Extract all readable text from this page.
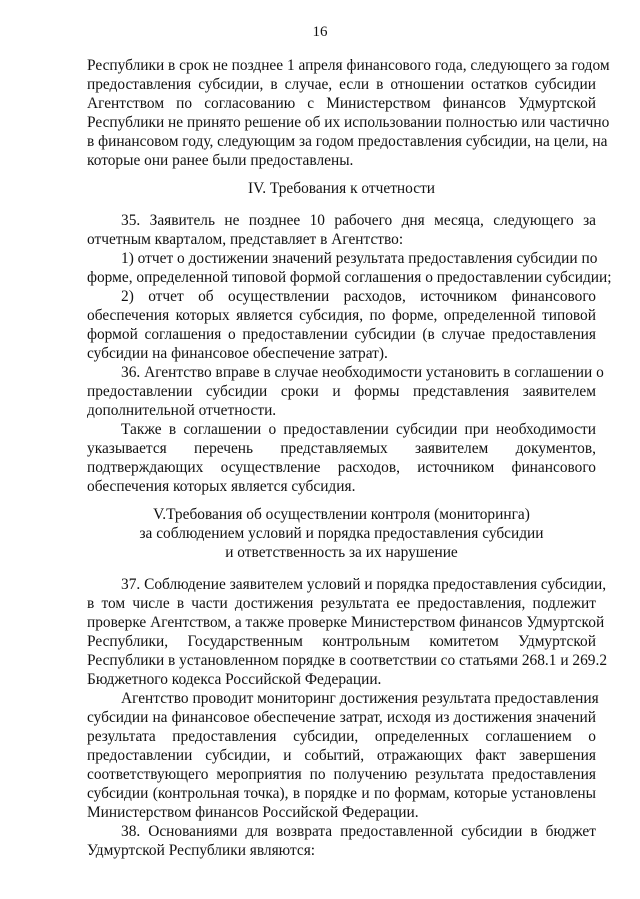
16
Республики в срок не позднее 1 апреля финансового года, следующего за годом
предоставления субсидии, в случае, если в отношении остатков субсидии
Агентством по согласованию с Министерством финансов Удмуртской
Республики не принято решение об их использовании полностью или частично
в финансовом году, следующим за годом предоставления субсидии, на цели, на
которые они ранее были предоставлены.
IV. Требования к отчетности
35. Заявитель не позднее 10 рабочего дня месяца, следующего за
отчетным кварталом, представляет в Агентство:
1) отчет о достижении значений результата предоставления субсидии по
форме, определенной типовой формой соглашения о предоставлении субсидии;
2) отчет об осуществлении расходов, источником финансового
обеспечения которых является субсидия, по форме, определенной типовой
формой соглашения о предоставлении субсидии (в случае предоставления
субсидии на финансовое обеспечение затрат).
36. Агентство вправе в случае необходимости установить в соглашении о
предоставлении субсидии сроки и формы представления заявителем
дополнительной отчетности.
Также в соглашении о предоставлении субсидии при необходимости
указывается перечень представляемых заявителем документов,
подтверждающих осуществление расходов, источником финансового
обеспечения которых является субсидия.
V.Требования об осуществлении контроля (мониторинга)
за соблюдением условий и порядка предоставления субсидии
и ответственность за их нарушение
37. Соблюдение заявителем условий и порядка предоставления субсидии,
в том числе в части достижения результата ее предоставления, подлежит
проверке Агентством, а также проверке Министерством финансов Удмуртской
Республики, Государственным контрольным комитетом Удмуртской
Республики в установленном порядке в соответствии со статьями 268.1 и 269.2
Бюджетного кодекса Российской Федерации.
Агентство проводит мониторинг достижения результата предоставления
субсидии на финансовое обеспечение затрат, исходя из достижения значений
результата предоставления субсидии, определенных соглашением о
предоставлении субсидии, и событий, отражающих факт завершения
соответствующего мероприятия по получению результата предоставления
субсидии (контрольная точка), в порядке и по формам, которые установлены
Министерством финансов Российской Федерации.
38. Основаниями для возврата предоставленной субсидии в бюджет
Удмуртской Республики являются:
